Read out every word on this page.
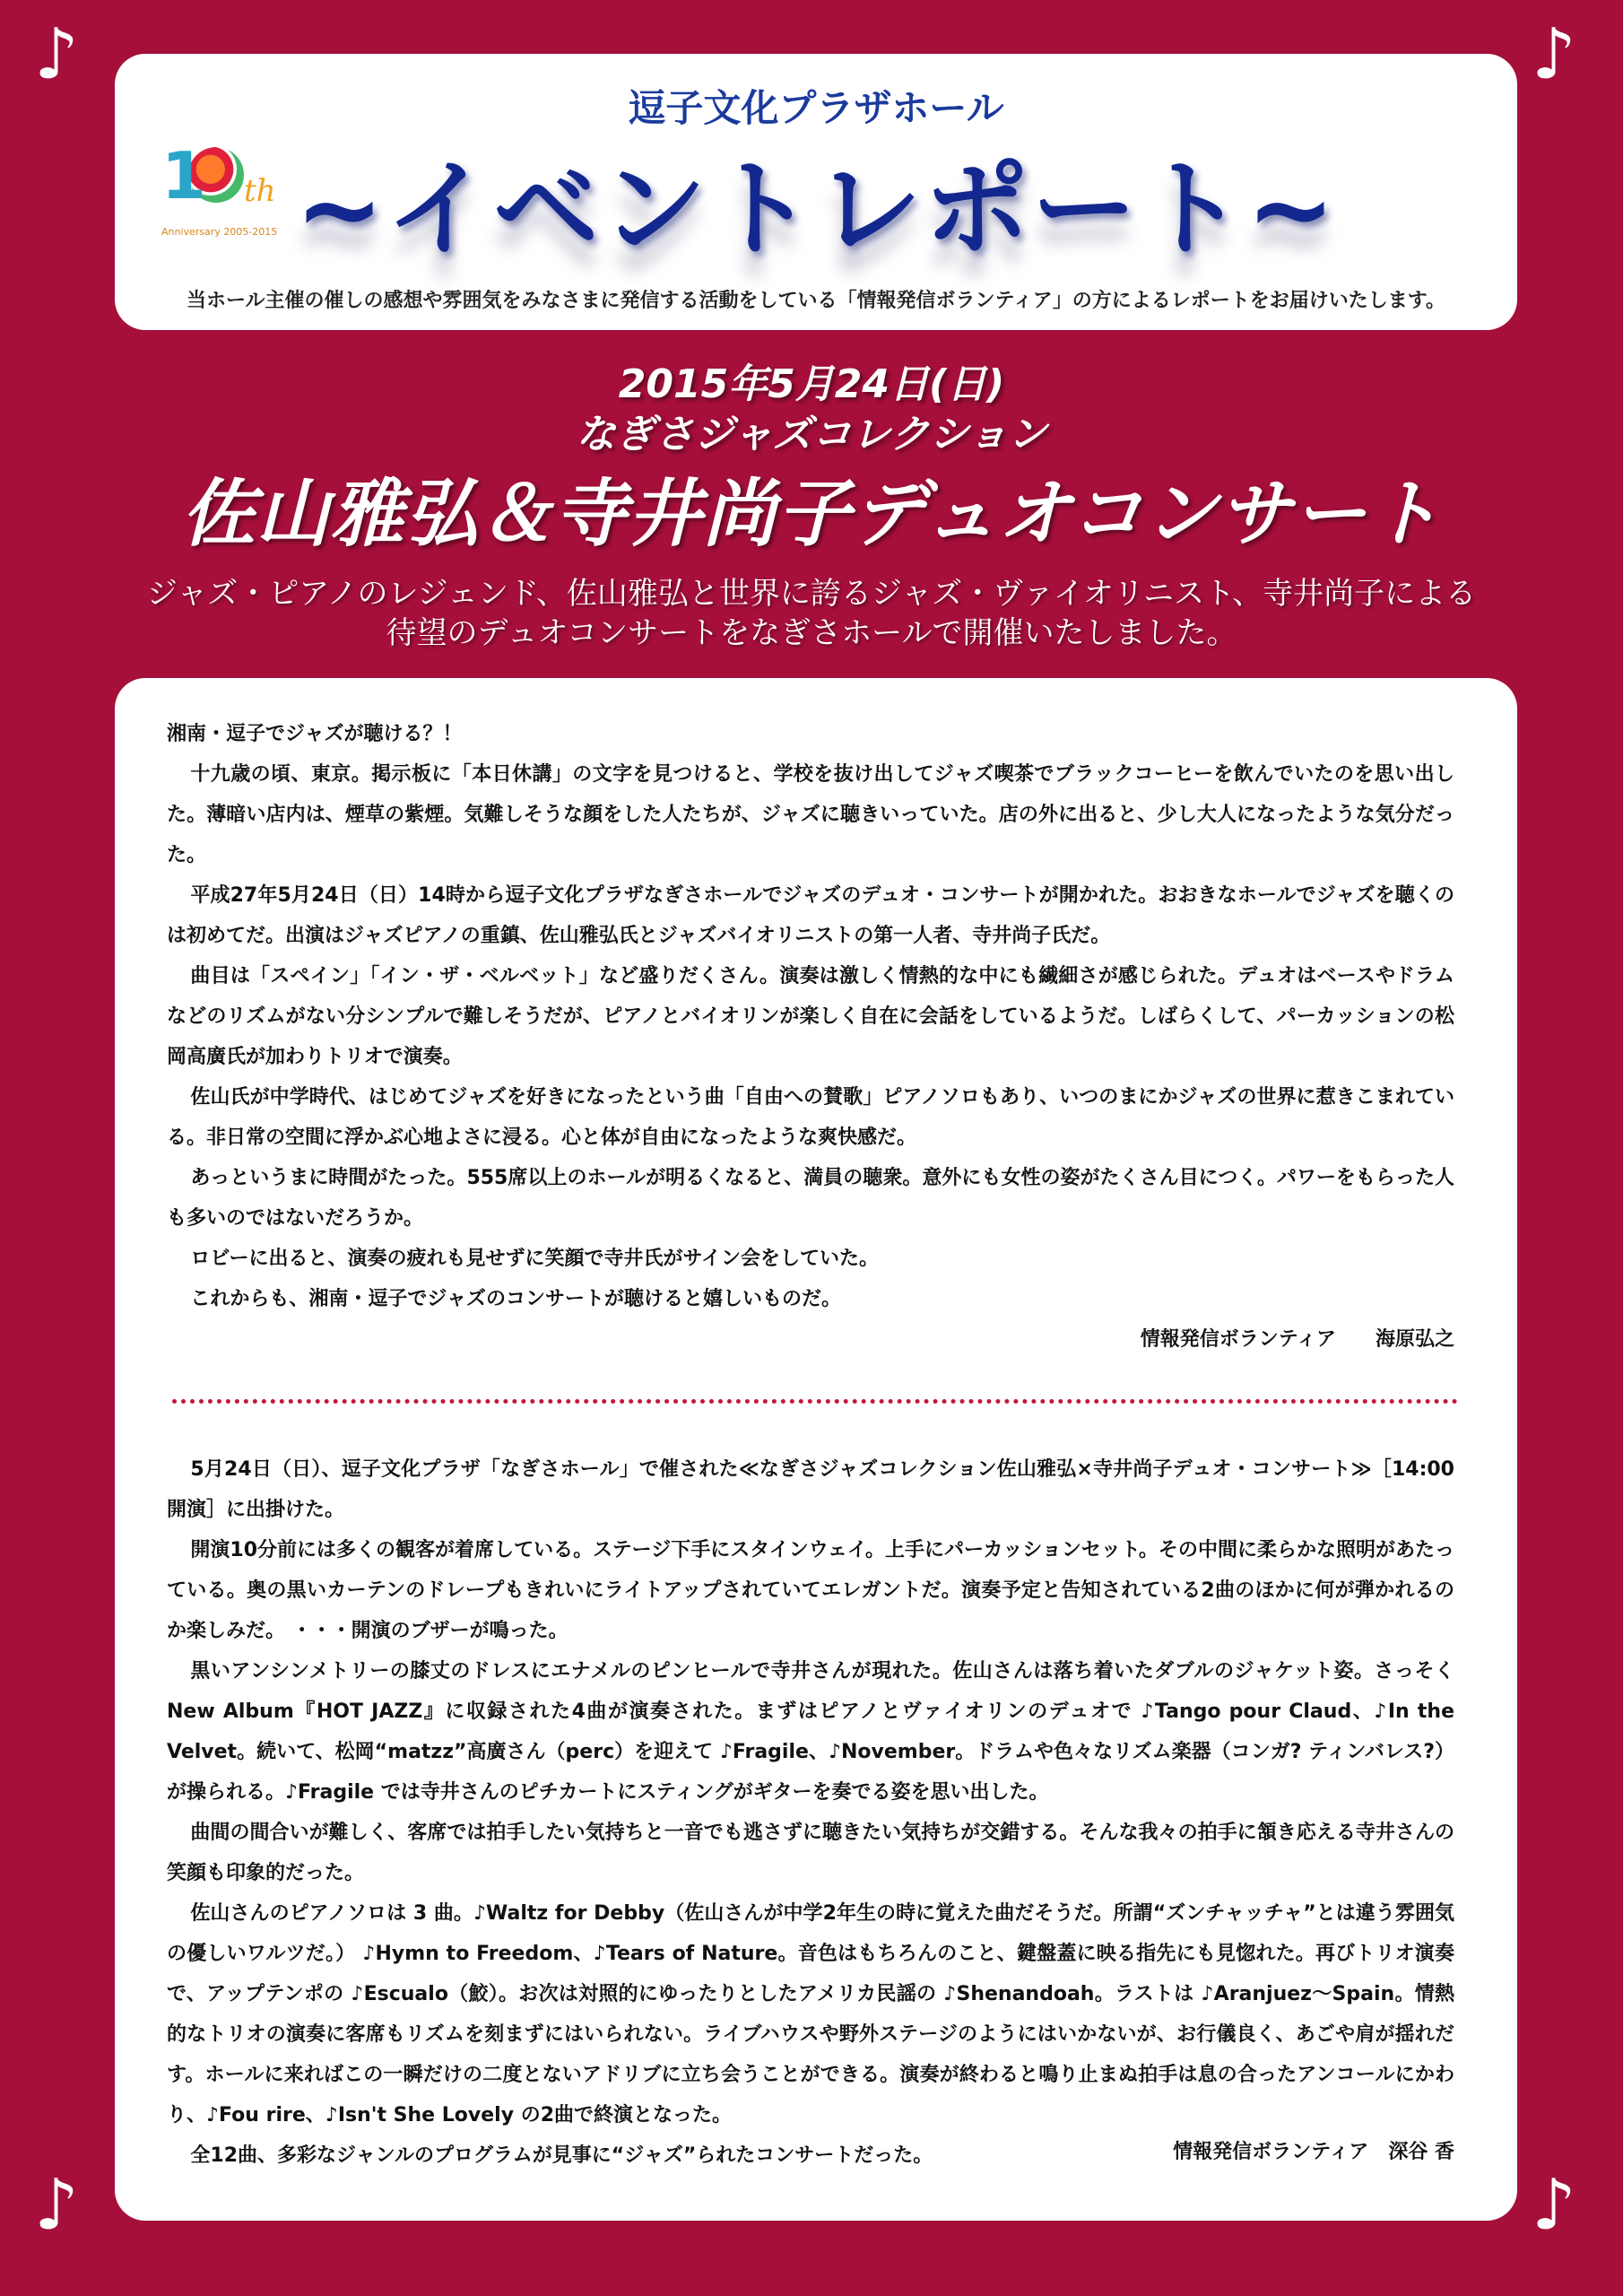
♪	♪
♪	♪
逗子文化プラザホール
1 th
Anniversary 2005-2015 ~イベントレポート~
当ホール主催の催しの感想や雰囲気をみなさまに発信する活動をしている「情報発信ボランティア」の方によるレポートをお届けいたします。
2015年5月24日(日)
なぎさジャズコレクション
佐山雅弘＆寺井尚子デュオコンサート
ジャズ・ピアノのレジェンド、佐山雅弘と世界に誇るジャズ・ヴァイオリニスト、寺井尚子による
待望のデュオコンサートをなぎさホールで開催いたしました。

湘南・逗子でジャズが聴ける？！

十九歳の頃、東京。掲示板に「本日休講」の文字を見つけると、学校を抜け出してジャズ喫茶でブラックコーヒーを飲んでいたのを思い出した。薄暗い店内は、煙草の紫煙。気難しそうな顔をした人たちが、ジャズに聴きいっていた。店の外に出ると、少し大人になったような気分だった。

平成27年5月24日（日）14時から逗子文化プラザなぎさホールでジャズのデュオ・コンサートが開かれた。おおきなホールでジャズを聴くのは初めてだ。出演はジャズピアノの重鎮、佐山雅弘氏とジャズバイオリニストの第一人者、寺井尚子氏だ。

曲目は「スペイン」「イン・ザ・ベルベット」など盛りだくさん。演奏は激しく情熱的な中にも繊細さが感じられた。デュオはベースやドラムなどのリズムがない分シンプルで難しそうだが、ピアノとバイオリンが楽しく自在に会話をしているようだ。しばらくして、パーカッションの松岡高廣氏が加わりトリオで演奏。

佐山氏が中学時代、はじめてジャズを好きになったという曲「自由への賛歌」ピアノソロもあり、いつのまにかジャズの世界に惹きこまれている。非日常の空間に浮かぶ心地よさに浸る。心と体が自由になったような爽快感だ。

あっというまに時間がたった。555席以上のホールが明るくなると、満員の聴衆。意外にも女性の姿がたくさん目につく。パワーをもらった人も多いのではないだろうか。

ロビーに出ると、演奏の疲れも見せずに笑顔で寺井氏がサイン会をしていた。

これからも、湘南・逗子でジャズのコンサートが聴けると嬉しいものだ。

情報発信ボランティア　　海原弘之

5月24日（日）、逗子文化プラザ「なぎさホール」で催された≪なぎさジャズコレクション佐山雅弘×寺井尚子デュオ・コンサート≫［14:00 開演］に出掛けた。

開演10分前には多くの観客が着席している。ステージ下手にスタインウェイ。上手にパーカッションセット。その中間に柔らかな照明があたっている。奥の黒いカーテンのドレープもきれいにライトアップされていてエレガントだ。演奏予定と告知されている2曲のほかに何が弾かれるのか楽しみだ。 ・・・開演のブザーが鳴った。

黒いアンシンメトリーの膝丈のドレスにエナメルのピンヒールで寺井さんが現れた。佐山さんは落ち着いたダブルのジャケット姿。さっそく New Album『HOT JAZZ』に収録された4曲が演奏された。まずはピアノとヴァイオリンのデュオで ♪Tango pour Claud、♪In the Velvet。続いて、松岡“matzz”高廣さん（perc）を迎えて ♪Fragile、♪November。ドラムや色々なリズム楽器（コンガ? ティンバレス?）が操られる。♪Fragile では寺井さんのピチカートにスティングがギターを奏でる姿を思い出した。

曲間の間合いが難しく、客席では拍手したい気持ちと一音でも逃さずに聴きたい気持ちが交錯する。そんな我々の拍手に頷き応える寺井さんの笑顔も印象的だった。

佐山さんのピアノソロは 3 曲。♪Waltz for Debby（佐山さんが中学2年生の時に覚えた曲だそうだ。所謂“ズンチャッチャ”とは違う雰囲気の優しいワルツだ。） ♪Hymn to Freedom、♪Tears of Nature。音色はもちろんのこと、鍵盤蓋に映る指先にも見惚れた。再びトリオ演奏で、アップテンポの ♪Escualo（鮫）。お次は対照的にゆったりとしたアメリカ民謡の ♪Shenandoah。ラストは ♪Aranjuez～Spain。情熱的なトリオの演奏に客席もリズムを刻まずにはいられない。ライブハウスや野外ステージのようにはいかないが、お行儀良く、あごや肩が揺れだす。ホールに来ればこの一瞬だけの二度とないアドリブに立ち会うことができる。演奏が終わると鳴り止まぬ拍手は息の合ったアンコールにかわり、♪Fou rire、♪Isn't She Lovely の2曲で終演となった。

全12曲、多彩なジャンルのプログラムが見事に“ジャズ”られたコンサートだった。	情報発信ボランティア　深谷 香
